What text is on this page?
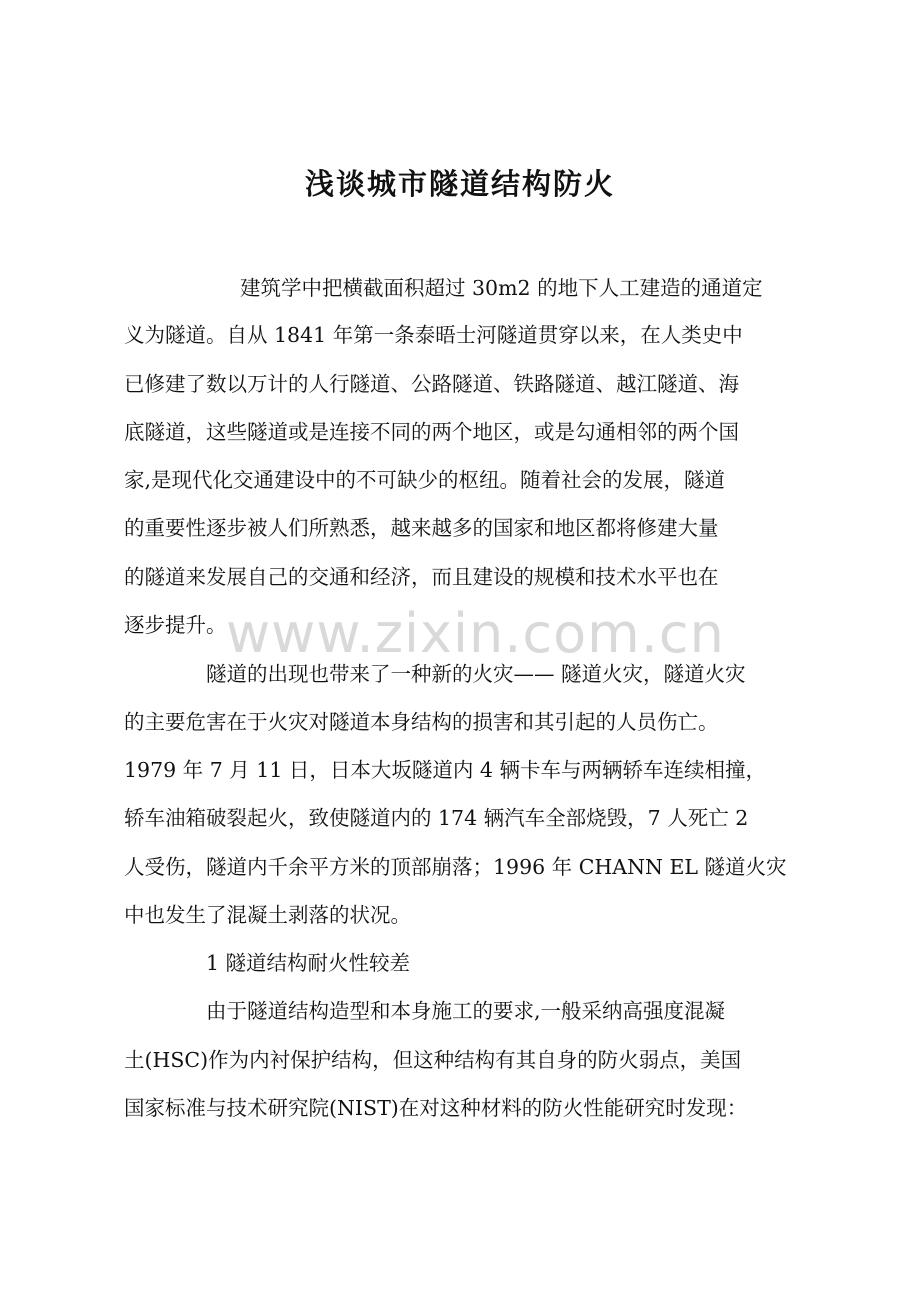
www.zixin.com.cn
浅谈城市隧道结构防火
建筑学中把横截面积超过 30m2 的地下人工建造的通道定
义为隧道。自从 1841 年第一条泰晤士河隧道贯穿以来，在人类史中
已修建了数以万计的人行隧道、公路隧道、铁路隧道、越江隧道、海
底隧道，这些隧道或是连接不同的两个地区，或是勾通相邻的两个国
家,是现代化交通建设中的不可缺少的枢纽。随着社会的发展，隧道
的重要性逐步被人们所熟悉，越来越多的国家和地区都将修建大量
的隧道来发展自己的交通和经济，而且建设的规模和技术水平也在
逐步提升。
隧道的出现也带来了一种新的火灾—— 隧道火灾，隧道火灾
的主要危害在于火灾对隧道本身结构的损害和其引起的人员伤亡。
1979 年 7 月 11 日，日本大坂隧道内 4 辆卡车与两辆轿车连续相撞，
轿车油箱破裂起火，致使隧道内的 174 辆汽车全部烧毁，7 人死亡 2
人受伤，隧道内千余平方米的顶部崩落；1996 年 CHANN EL 隧道火灾
中也发生了混凝土剥落的状况。
1 隧道结构耐火性较差
由于隧道结构造型和本身施工的要求,一般采纳高强度混凝
土(HSC)作为内衬保护结构，但这种结构有其自身的防火弱点，美国
国家标准与技术研究院(NIST)在对这种材料的防火性能研究时发现：
